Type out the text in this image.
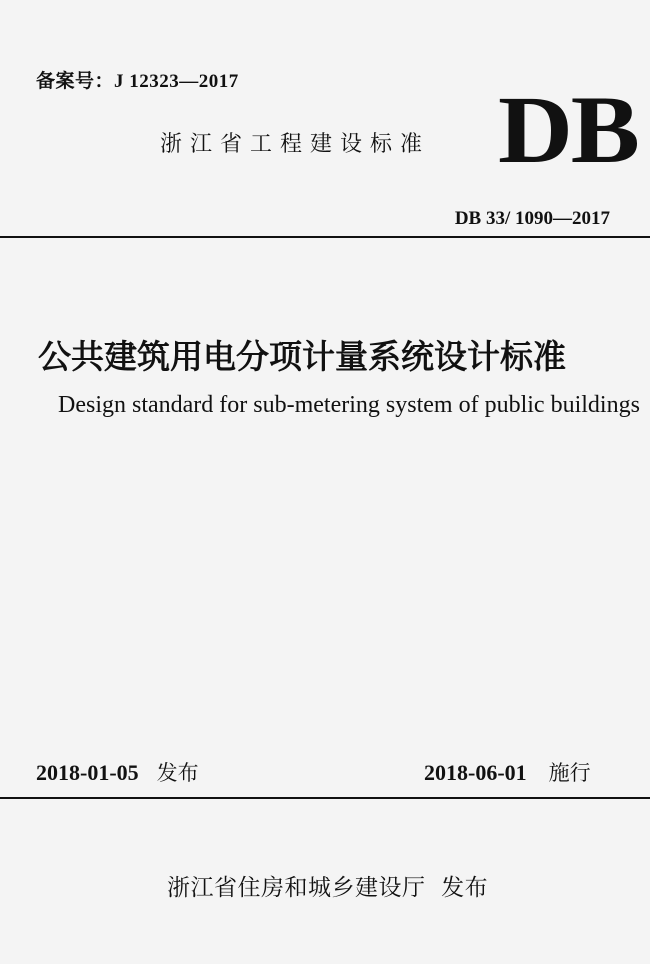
备案号：J 12323—2017
浙江省工程建设标准 DB
DB 33/ 1090—2017
公共建筑用电分项计量系统设计标准
Design standard for sub-metering system of public buildings
2018-01-05 发布	2018-06-01 施行
浙江省住房和城乡建设厅  发布
